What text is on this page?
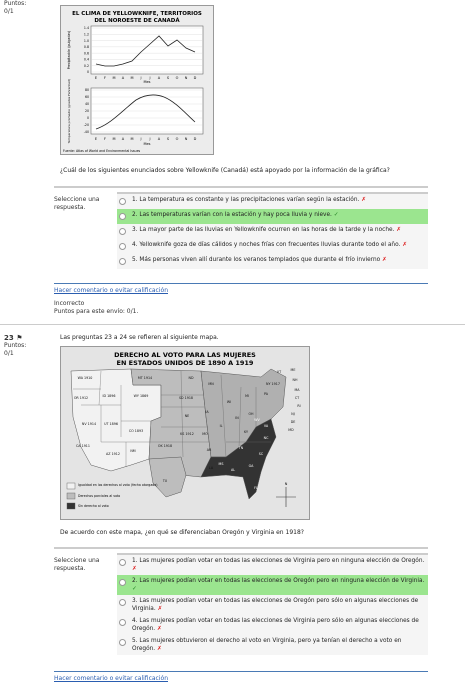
Puntos:
0/1	EL CLIMA DE YELLOWKNIFE, TERRITORIOS
DEL NOROESTE DE CANADÁ
1.4
1.2
1.0
0.8
0.6
0.4
0.2
0
E F M A M J J A S O N D
Mes
Precipitación (pulgadas)
80
60
40
20
0
-20
-40
E F M A M J J A S O N D
Mes
Temperatura promedio (grados Fahrenheit)
Fuente: Atlas of World and Environmental Issues
¿Cuál de los siguientes enunciados sobre Yellowknife (Canadá) está apoyado por la información de la gráfica?
Seleccione una
respuesta.
1. La temperatura es constante y las precipitaciones varían según la estación. ✗
2. Las temperaturas varían con la estación y hay poca lluvia y nieve. ✓
3. La mayor parte de las lluvias en Yellowknife ocurren en las horas de la tarde y la noche. ✗
4. Yellowknife goza de días cálidos y noches frías con frecuentes lluvias durante todo el año. ✗
5. Más personas viven allí durante los veranos templados que durante el frío invierno ✗
Hacer comentario o evitar calificación
Incorrecto
Puntos para este envío: 0/1.
23 ⚑
Puntos:
0/1
Las preguntas 23 a 24 se refieren al siguiente mapa.
DERECHO AL VOTO PARA LAS MUJERES
EN ESTADOS UNIDOS DE 1890 A 1919
WA 1910	MT 1914	ND
MN
OR 1912	ID 1896	WY 1869	SD 1918
NV 1914 UT 1896
CO 1893
NE
KS 1912
IA
CA 1911
AZ 1912
NM
OK 1918
TX
AR
LA
MO
IL
WI
MI
OH
IN
KY
TN
MS
AL
GA
FL
SC
NC
VA
WV
PA
NY 1917
VT	ME
NH
MA
CT
RI
NJ
DE
MD
Igualdad en los derechos al voto (fecha otorgada)
Derechos parciales al voto
Sin derecho al voto
N
De acuerdo con este mapa, ¿en qué se diferenciaban Oregón y Virginia en 1918?
Seleccione una
respuesta.
1. Las mujeres podían votar en todas las elecciones de Virginia pero en ninguna elección de Oregón. ✗
2. Las mujeres podían votar en todas las elecciones de Oregón pero en ninguna elección de Virginia. ✓
3. Las mujeres podían votar en todas las elecciones de Oregón pero sólo en algunas elecciones de Virginia. ✗
4. Las mujeres podían votar en todas las elecciones de Virginia pero sólo en algunas elecciones de Oregón. ✗
5. Las mujeres obtuvieron el derecho al voto en Virginia, pero ya tenían el derecho a voto en Oregón. ✗
Hacer comentario o evitar calificación
